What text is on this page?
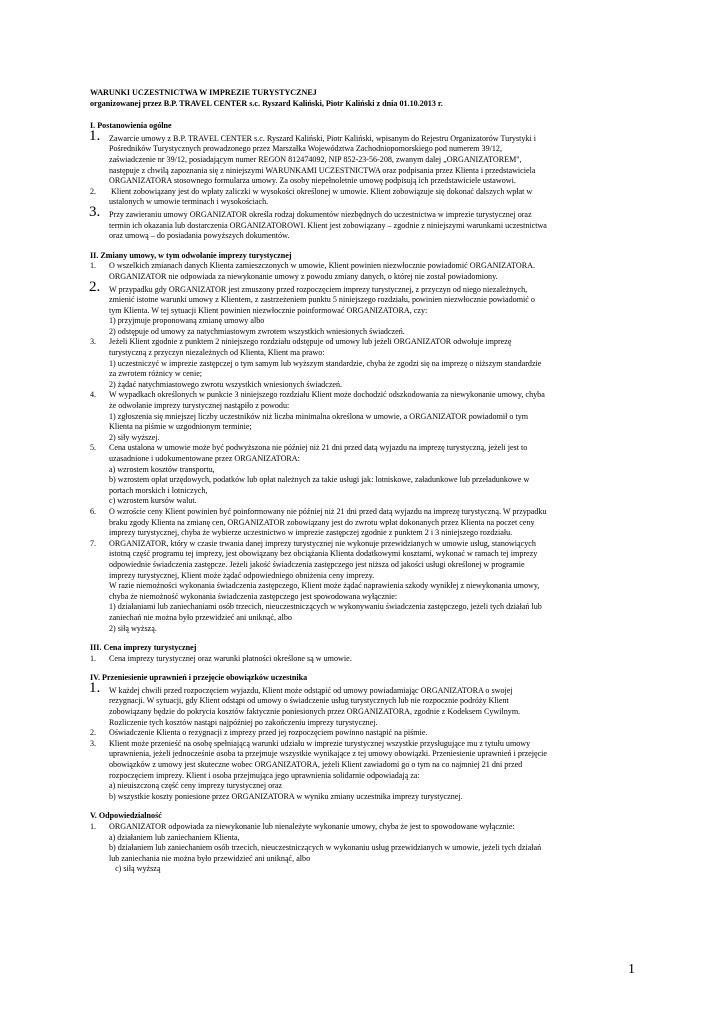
WARUNKI UCZESTNICTWA W IMPREZIE TURYSTYCZNEJ
organizowanej przez B.P. TRAVEL CENTER s.c. Ryszard Kaliński, Piotr Kaliński z dnia 01.10.2013 r.

I. Postanowienia ogólne
1. Zawarcie umowy z B.P. TRAVEL CENTER s.c. Ryszard Kaliński, Piotr Kaliński, wpisanym do Rejestru Organizatorów Turystyki i
Pośredników Turystycznych prowadzonego przez Marszałka Województwa Zachodniopomorskiego pod numerem 39/12,
zaświadczenie nr 39/12, posiadającym numer REGON 812474092, NIP 852-23-56-208, zwanym dalej „ORGANIZATOREM",
następuje z chwilą zapoznania się z niniejszymi WARUNKAMI UCZESTNICTWA oraz podpisania przez Klienta i przedstawiciela
ORGANIZATORA stosownego formularza umowy. Za osoby niepełnoletnie umowę podpisują ich przedstawiciele ustawowi.
2. Klient zobowiązany jest do wpłaty zaliczki w wysokości określonej w umowie. Klient zobowiązuje się dokonać dalszych wpłat w
ustalonych w umowie terminach i wysokościach.
3. Przy zawieraniu umowy ORGANIZATOR określa rodzaj dokumentów niezbędnych do uczestnictwa w imprezie turystycznej oraz
termin ich okazania lub dostarczenia ORGANIZATOROWI. Klient jest zobowiązany – zgodnie z niniejszymi warunkami uczestnictwa
oraz umową – do posiadania powyższych dokumentów.
II. Zmiany umowy, w tym odwołanie imprezy turystycznej
1. O wszelkich zmianach danych Klienta zamieszczonych w umowie, Klient powinien niezwłocznie powiadomić ORGANIZATORA.
ORGANIZATOR nie odpowiada za niewykonanie umowy z powodu zmiany danych, o której nie został powiadomiony.
2. W przypadku gdy ORGANIZATOR jest zmuszony przed rozpoczęciem imprezy turystycznej, z przyczyn od niego niezależnych,
zmienić istotne warunki umowy z Klientem, z zastrzeżeniem punktu 5 niniejszego rozdziału, powinien niezwłocznie powiadomić o
tym Klienta. W tej sytuacji Klient powinien niezwłocznie poinformować ORGANIZATORA, czy:
1) przyjmuje proponowaną zmianę umowy albo
2) odstępuje od umowy za natychmiastowym zwrotem wszystkich wniesionych świadczeń.
3. Jeżeli Klient zgodnie z punktem 2 niniejszego rozdziału odstępuje od umowy lub jeżeli ORGANIZATOR odwołuje imprezę
turystyczną z przyczyn niezależnych od Klienta, Klient ma prawo:
1) uczestniczyć w imprezie zastępczej o tym samym lub wyższym standardzie, chyba że zgodzi się na imprezę o niższym standardzie
za zwrotem różnicy w cenie;
2) żądać natychmiastowego zwrotu wszystkich wniesionych świadczeń.
4. W wypadkach określonych w punkcie 3 niniejszego rozdziału Klient może dochodzić odszkodowania za niewykonanie umowy, chyba
że odwołanie imprezy turystycznej nastąpiło z powodu:
1) zgłoszenia się mniejszej liczby uczestników niż liczba minimalna określona w umowie, a ORGANIZATOR powiadomił o tym
Klienta na piśmie w uzgodnionym terminie;
2) siły wyższej.
5. Cena ustalona w umowie może być podwyższona nie później niż 21 dni przed datą wyjazdu na imprezę turystyczną, jeżeli jest to
uzasadnione i udokumentowane przez ORGANIZATORA:
a) wzrostem kosztów transportu,
b) wzrostem opłat urzędowych, podatków lub opłat należnych za takie usługi jak: lotniskowe, załadunkowe lub przeładunkowe w
portach morskich i lotniczych,
c) wzrostem kursów walut.
6. O wzroście ceny Klient powinien być poinformowany nie później niż 21 dni przed datą wyjazdu na imprezę turystyczną. W przypadku
braku zgody Klienta na zmianę cen, ORGANIZATOR zobowiązany jest do zwrotu wpłat dokonanych przez Klienta na poczet ceny
imprezy turystycznej, chyba że wybierze uczestnictwo w imprezie zastępczej zgodnie z punktem 2 i 3 niniejszego rozdziału.
7. ORGANIZATOR, który w czasie trwania danej imprezy turystycznej nie wykonuje przewidzianych w umowie usług, stanowiących
istotną część programu tej imprezy, jest obowiązany bez obciążania Klienta dodatkowymi kosztami, wykonać w ramach tej imprezy
odpowiednie świadczenia zastępcze. Jeżeli jakość świadczenia zastępczego jest niższa od jakości usługi określonej w programie
imprezy turystycznej, Klient może żądać odpowiedniego obniżenia ceny imprezy.
W razie niemożności wykonania świadczenia zastępczego, Klient może żądać naprawienia szkody wynikłej z niewykonania umowy,
chyba że niemożność wykonania świadczenia zastępczego jest spowodowana wyłącznie:
1) działaniami lub zaniechaniami osób trzecich, nieuczestniczących w wykonywaniu świadczenia zastępczego, jeżeli tych działań lub
zaniechań nie można było przewidzieć ani uniknąć, albo
2) siłą wyższą.
III. Cena imprezy turystycznej
1. Cena imprezy turystycznej oraz warunki płatności określone są w umowie.
IV. Przeniesienie uprawnień i przejęcie obowiązków uczestnika
1. W każdej chwili przed rozpoczęciem wyjazdu, Klient może odstąpić od umowy powiadamiając ORGANIZATORA o swojej
rezygnacji. W sytuacji, gdy Klient odstąpi od umowy o świadczenie usług turystycznych lub nie rozpocznie podróży Klient
zobowiązany będzie do pokrycia kosztów faktycznie poniesionych przez ORGANIZATORA, zgodnie z Kodeksem Cywilnym.
Rozliczenie tych kosztów nastąpi najpóźniej po zakończeniu imprezy turystycznej.
2. Oświadczenie Klienta o rezygnacji z imprezy przed jej rozpoczęciem powinno nastąpić na piśmie.
3. Klient może przenieść na osobę spełniającą warunki udziału w imprezie turystycznej wszystkie przysługujące mu z tytułu umowy
uprawnienia, jeżeli jednocześnie osoba ta przejmuje wszystkie wynikające z tej umowy obowiązki. Przeniesienie uprawnień i przejęcie
obowiązków z umowy jest skuteczne wobec ORGANIZATORA, jeżeli Klient zawiadomi go o tym na co najmniej 21 dni przed
rozpoczęciem imprezy. Klient i osoba przejmująca jego uprawnienia solidarnie odpowiadają za:
a) nieuiszczoną część ceny imprezy turystycznej oraz
b) wszystkie koszty poniesione przez ORGANIZATORA w wyniku zmiany uczestnika imprezy turystycznej.
V. Odpowiedzialność
1. ORGANIZATOR odpowiada za niewykonanie lub nienależyte wykonanie umowy, chyba że jest to spowodowane wyłącznie:
a) działaniem lub zaniechaniem Klienta,
b) działaniem lub zaniechaniem osób trzecich, nieuczestniczących w wykonaniu usług przewidzianych w umowie, jeżeli tych działań
lub zaniechania nie można było przewidzieć ani uniknąć, albo
c) siłą wyższą
1
